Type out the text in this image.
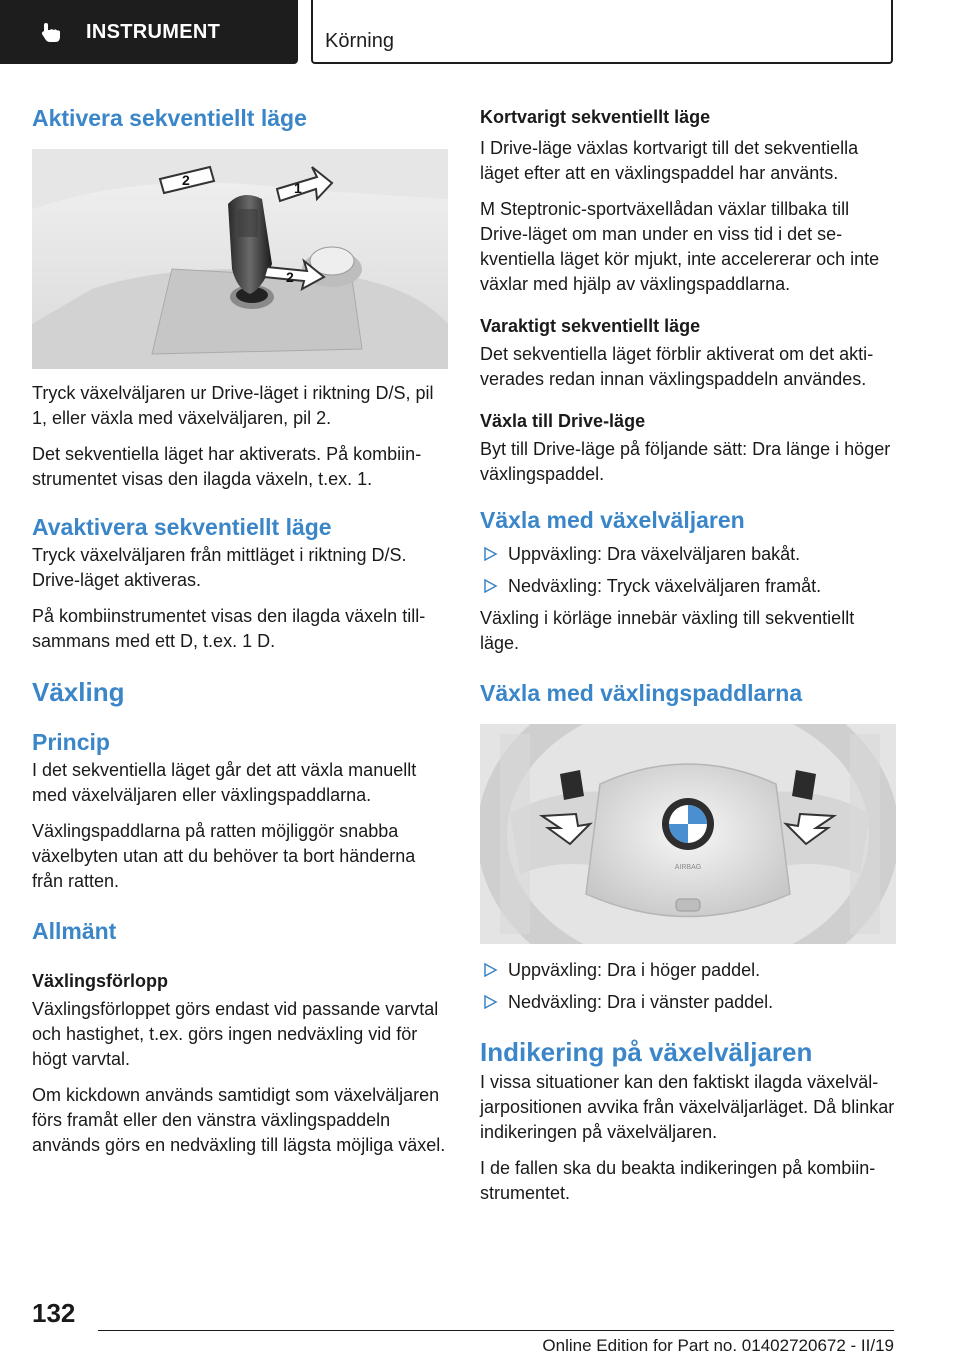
INSTRUMENT	Körning
Aktivera sekventiellt läge
2	1
2

Tryck växelväljaren ur Drive-läget i riktning D/S, pil 1, eller växla med växelväljaren, pil 2.

Det sekventiella läget har aktiverats. På kombiinstrumentet visas den ilagda växeln, t.ex. 1.

Avaktivera sekventiellt läge

Tryck växelväljaren från mittläget i riktning D/S. Drive-läget aktiveras.

På kombiinstrumentet visas den ilagda växeln tillsammans med ett D, t.ex. 1 D.

Växling
Princip

I det sekventiella läget går det att växla manuellt med växelväljaren eller växlingspaddlarna.

Växlingspaddlarna på ratten möjliggör snabba växelbyten utan att du behöver ta bort händerna från ratten.

Allmänt
Växlingsförlopp

Växlingsförloppet görs endast vid passande varvtal och hastighet, t.ex. görs ingen nedväxling vid för högt varvtal.

Om kickdown används samtidigt som växelväljaren förs framåt eller den vänstra växlingspaddeln används görs en nedväxling till lägsta möjliga växel.

Kortvarigt sekventiellt läge

I Drive-läge växlas kortvarigt till det sekventiella läget efter att en växlingspaddel har använts.

M Steptronic-sportväxellådan växlar tillbaka till Drive-läget om man under en viss tid i det sekventiella läget kör mjukt, inte accelererar och inte växlar med hjälp av växlingspaddlarna.

Varaktigt sekventiellt läge

Det sekventiella läget förblir aktiverat om det aktiverades redan innan växlingspaddeln användes.

Växla till Drive-läge

Byt till Drive-läge på följande sätt: Dra länge i höger växlingspaddel.

Växla med växelväljaren
Uppväxling: Dra växelväljaren bakåt.
Nedväxling: Tryck växelväljaren framåt.

Växling i körläge innebär växling till sekventiellt läge.

Växla med växlingspaddlarna
AIRBAG
Uppväxling: Dra i höger paddel.
Nedväxling: Dra i vänster paddel.
Indikering på växelväljaren

I vissa situationer kan den faktiskt ilagda växelväljarpositionen avvika från växelväljarläget. Då blinkar indikeringen på växelväljaren.

I de fallen ska du beakta indikeringen på kombiinstrumentet.

132
Online Edition for Part no. 01402720672 - II/19
